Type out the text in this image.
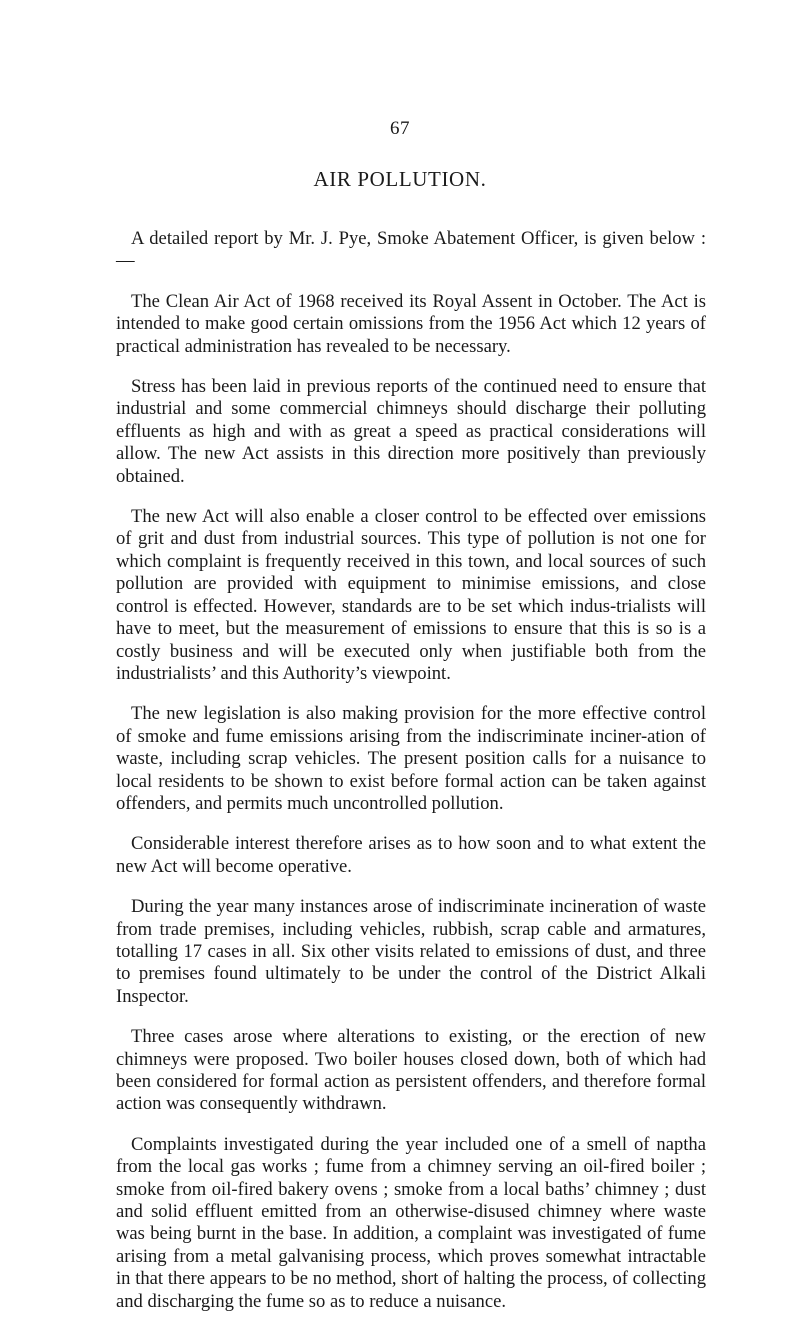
67
AIR POLLUTION.

A detailed report by Mr. J. Pye, Smoke Abatement Officer, is given below :—

The Clean Air Act of 1968 received its Royal Assent in October. The Act is intended to make good certain omissions from the 1956 Act which 12 years of practical administration has revealed to be necessary.

Stress has been laid in previous reports of the continued need to ensure that industrial and some commercial chimneys should discharge their polluting effluents as high and with as great a speed as practical considerations will allow. The new Act assists in this direction more positively than previously obtained.

The new Act will also enable a closer control to be effected over emissions of grit and dust from industrial sources. This type of pollution is not one for which complaint is frequently received in this town, and local sources of such pollution are provided with equipment to minimise emissions, and close control is effected. However, standards are to be set which indus-trialists will have to meet, but the measurement of emissions to ensure that this is so is a costly business and will be executed only when justifiable both from the industrialists’ and this Authority’s viewpoint.

The new legislation is also making provision for the more effective control of smoke and fume emissions arising from the indiscriminate inciner-ation of waste, including scrap vehicles. The present position calls for a nuisance to local residents to be shown to exist before formal action can be taken against offenders, and permits much uncontrolled pollution.

Considerable interest therefore arises as to how soon and to what extent the new Act will become operative.

During the year many instances arose of indiscriminate incineration of waste from trade premises, including vehicles, rubbish, scrap cable and armatures, totalling 17 cases in all. Six other visits related to emissions of dust, and three to premises found ultimately to be under the control of the District Alkali Inspector.

Three cases arose where alterations to existing, or the erection of new chimneys were proposed. Two boiler houses closed down, both of which had been considered for formal action as persistent offenders, and therefore formal action was consequently withdrawn.

Complaints investigated during the year included one of a smell of naptha from the local gas works ; fume from a chimney serving an oil-fired boiler ; smoke from oil-fired bakery ovens ; smoke from a local baths’ chimney ; dust and solid effluent emitted from an otherwise-disused chimney where waste was being burnt in the base. In addition, a complaint was investigated of fume arising from a metal galvanising process, which proves somewhat intractable in that there appears to be no method, short of halting the process, of collecting and discharging the fume so as to reduce a nuisance.
